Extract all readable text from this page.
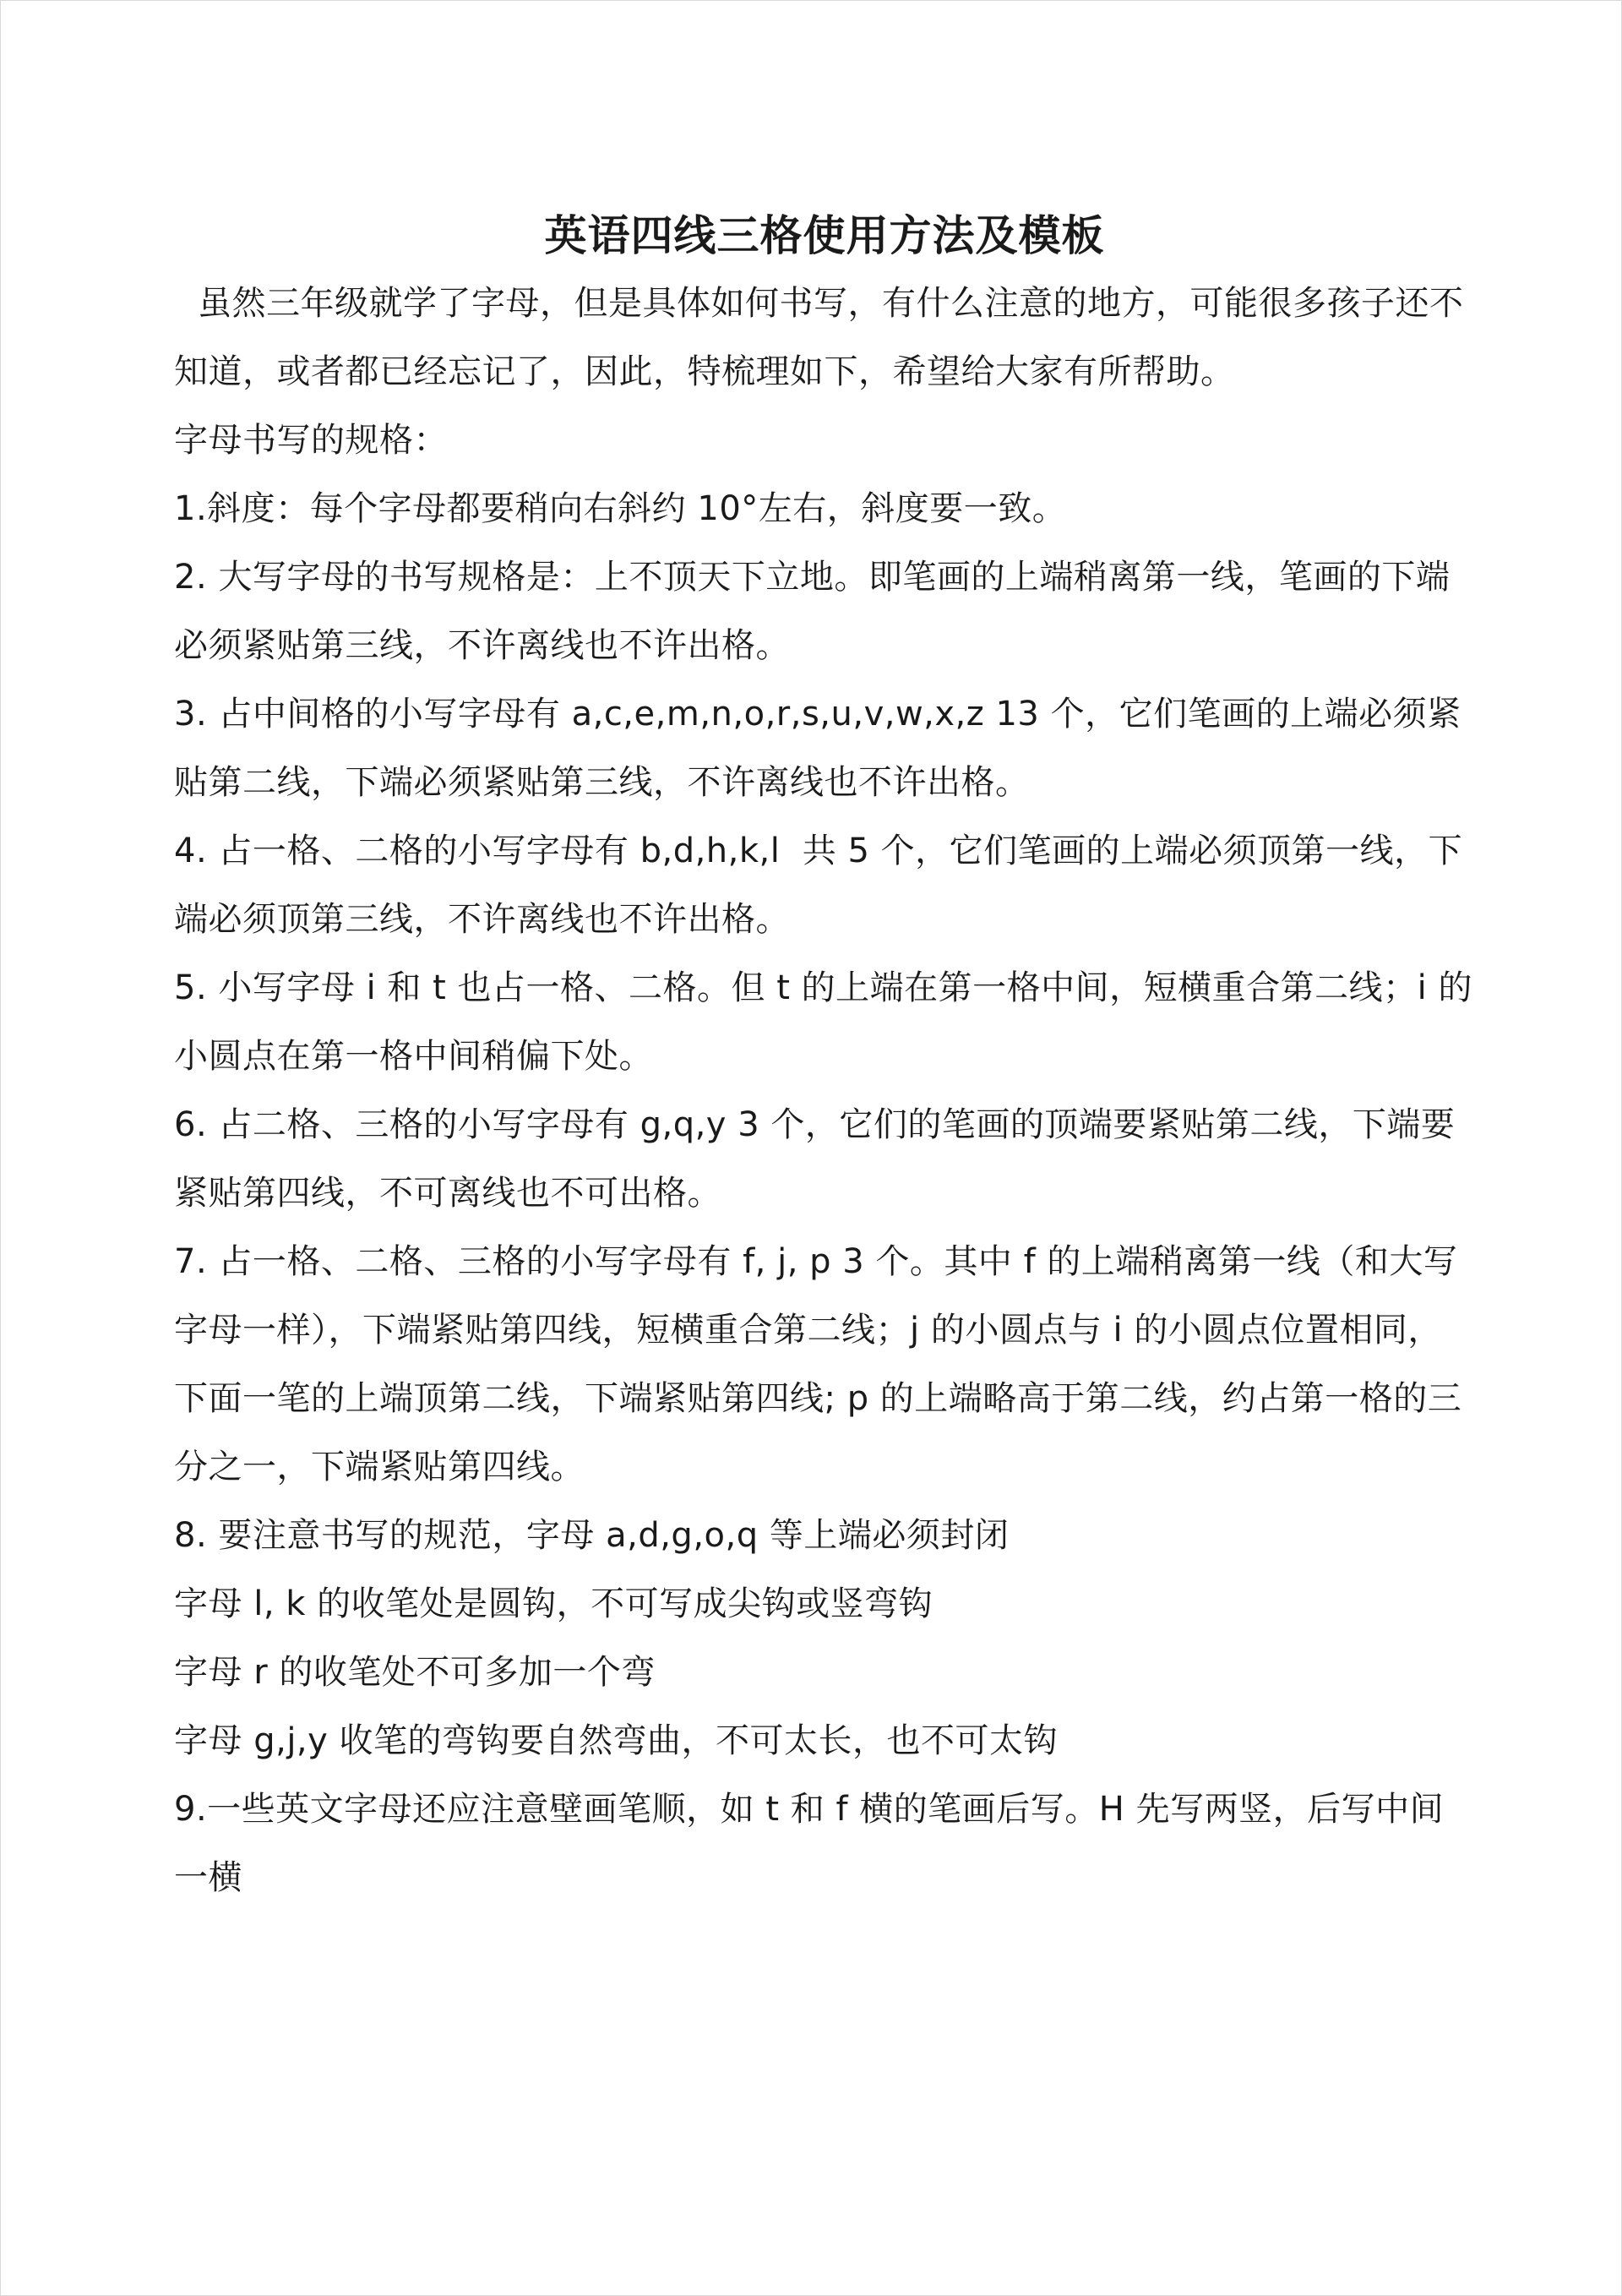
英语四线三格使用方法及模板

虽然三年级就学了字母，但是具体如何书写，有什么注意的地方，可能很多孩子还不知道，或者都已经忘记了，因此，特梳理如下，希望给大家有所帮助。

字母书写的规格：

1.斜度：每个字母都要稍向右斜约 10°左右，斜度要一致。

2. 大写字母的书写规格是：上不顶天下立地。即笔画的上端稍离第一线，笔画的下端必须紧贴第三线，不许离线也不许出格。

3. 占中间格的小写字母有 a,c,e,m,n,o,r,s,u,v,w,x,z 13 个，它们笔画的上端必须紧贴第二线，下端必须紧贴第三线，不许离线也不许出格。

4. 占一格、二格的小写字母有 b,d,h,k,l  共 5 个，它们笔画的上端必须顶第一线，下端必须顶第三线，不许离线也不许出格。

5. 小写字母 i 和 t 也占一格、二格。但 t 的上端在第一格中间，短横重合第二线；i 的小圆点在第一格中间稍偏下处。

6. 占二格、三格的小写字母有 g,q,y 3 个，它们的笔画的顶端要紧贴第二线，下端要紧贴第四线，不可离线也不可出格。

7. 占一格、二格、三格的小写字母有 f, j, p 3 个。其中 f 的上端稍离第一线（和大写字母一样），下端紧贴第四线，短横重合第二线；j 的小圆点与 i 的小圆点位置相同，下面一笔的上端顶第二线，下端紧贴第四线; p 的上端略高于第二线，约占第一格的三分之一，下端紧贴第四线。

8. 要注意书写的规范，字母 a,d,g,o,q 等上端必须封闭

字母 l, k 的收笔处是圆钩，不可写成尖钩或竖弯钩

字母 r 的收笔处不可多加一个弯

字母 g,j,y 收笔的弯钩要自然弯曲，不可太长，也不可太钩

9.一些英文字母还应注意壁画笔顺，如 t 和 f 横的笔画后写。H 先写两竖，后写中间一横
